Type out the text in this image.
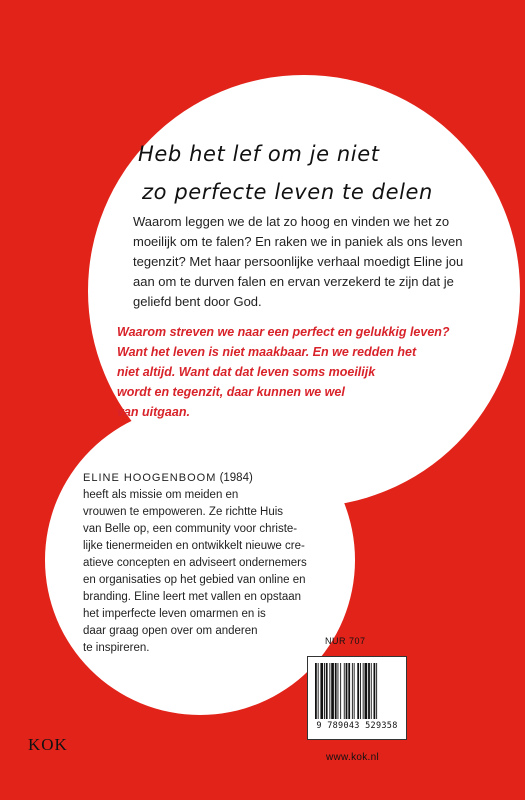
Heb het lef om je niet
zo perfecte leven te delen
Waarom leggen we de lat zo hoog en vinden we het zo
moeilijk om te falen? En raken we in paniek als ons leven
tegenzit? Met haar persoonlijke verhaal moedigt Eline jou
aan om te durven falen en ervan verzekerd te zijn dat je
geliefd bent door God.
Waarom streven we naar een perfect en gelukkig leven?
Want het leven is niet maakbaar. En we redden het
niet altijd. Want dat dat leven soms moeilijk
wordt en tegenzit, daar kunnen we wel
van uitgaan.
ELINE HOOGENBOOM (1984)
heeft als missie om meiden en
vrouwen te empoweren. Ze richtte Huis
van Belle op, een community voor christe-
lijke tienermeiden en ontwikkelt nieuwe cre-
atieve concepten en adviseert ondernemers
en organisaties op het gebied van online en
branding. Eline leert met vallen en opstaan
het imperfecte leven omarmen en is
daar graag open over om anderen
te inspireren.
KOK
NUR 707
9 789043 529358
www.kok.nl
